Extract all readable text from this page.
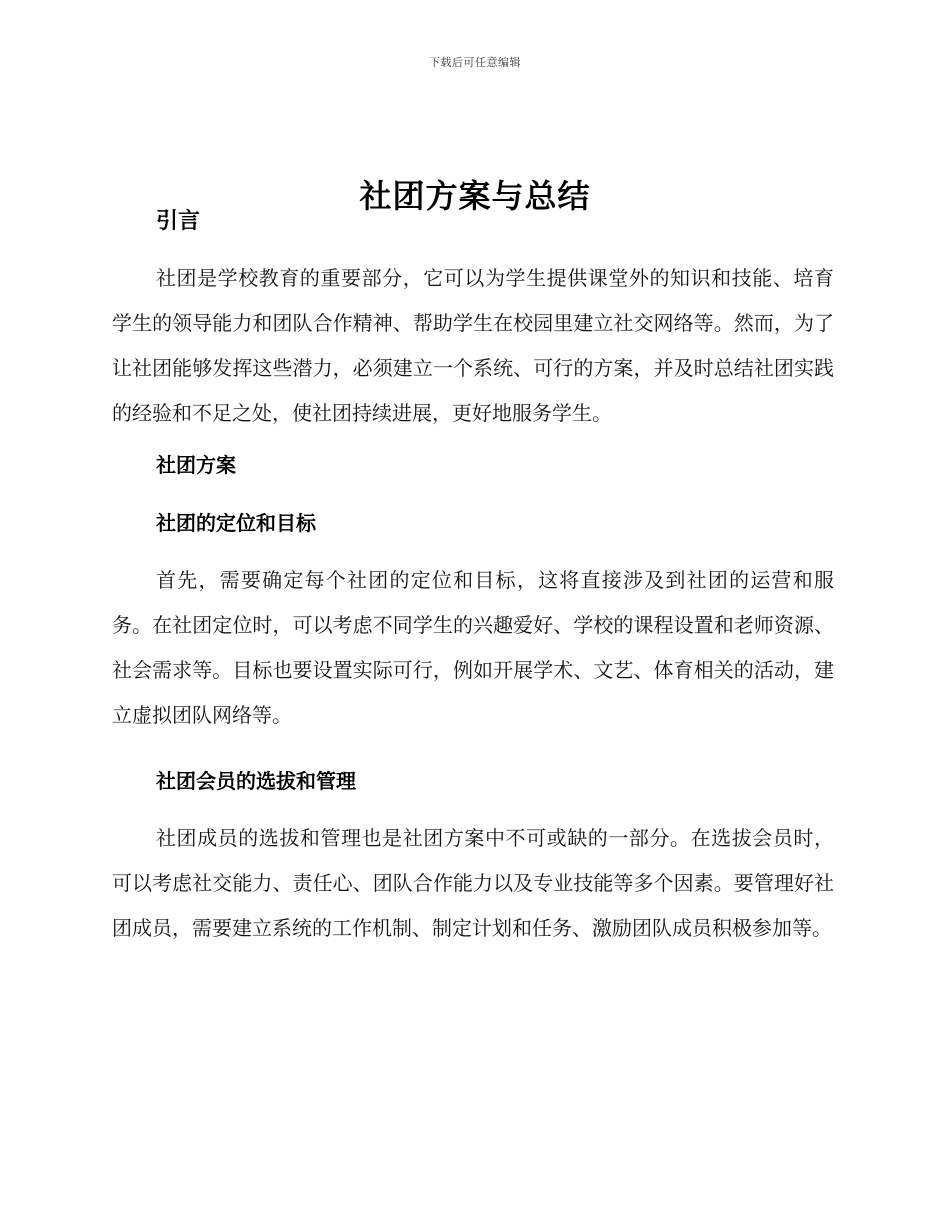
下载后可任意编辑
社团方案与总结
引言

社团是学校教育的重要部分，它可以为学生提供课堂外的知识和技能、培育学生的领导能力和团队合作精神、帮助学生在校园里建立社交网络等。然而，为了让社团能够发挥这些潜力，必须建立一个系统、可行的方案，并及时总结社团实践的经验和不足之处，使社团持续进展，更好地服务学生。

社团方案
社团的定位和目标

首先，需要确定每个社团的定位和目标，这将直接涉及到社团的运营和服务。在社团定位时，可以考虑不同学生的兴趣爱好、学校的课程设置和老师资源、社会需求等。目标也要设置实际可行，例如开展学术、文艺、体育相关的活动，建立虚拟团队网络等。

社团会员的选拔和管理

社团成员的选拔和管理也是社团方案中不可或缺的一部分。在选拔会员时，可以考虑社交能力、责任心、团队合作能力以及专业技能等多个因素。要管理好社团成员，需要建立系统的工作机制、制定计划和任务、激励团队成员积极参加等。
